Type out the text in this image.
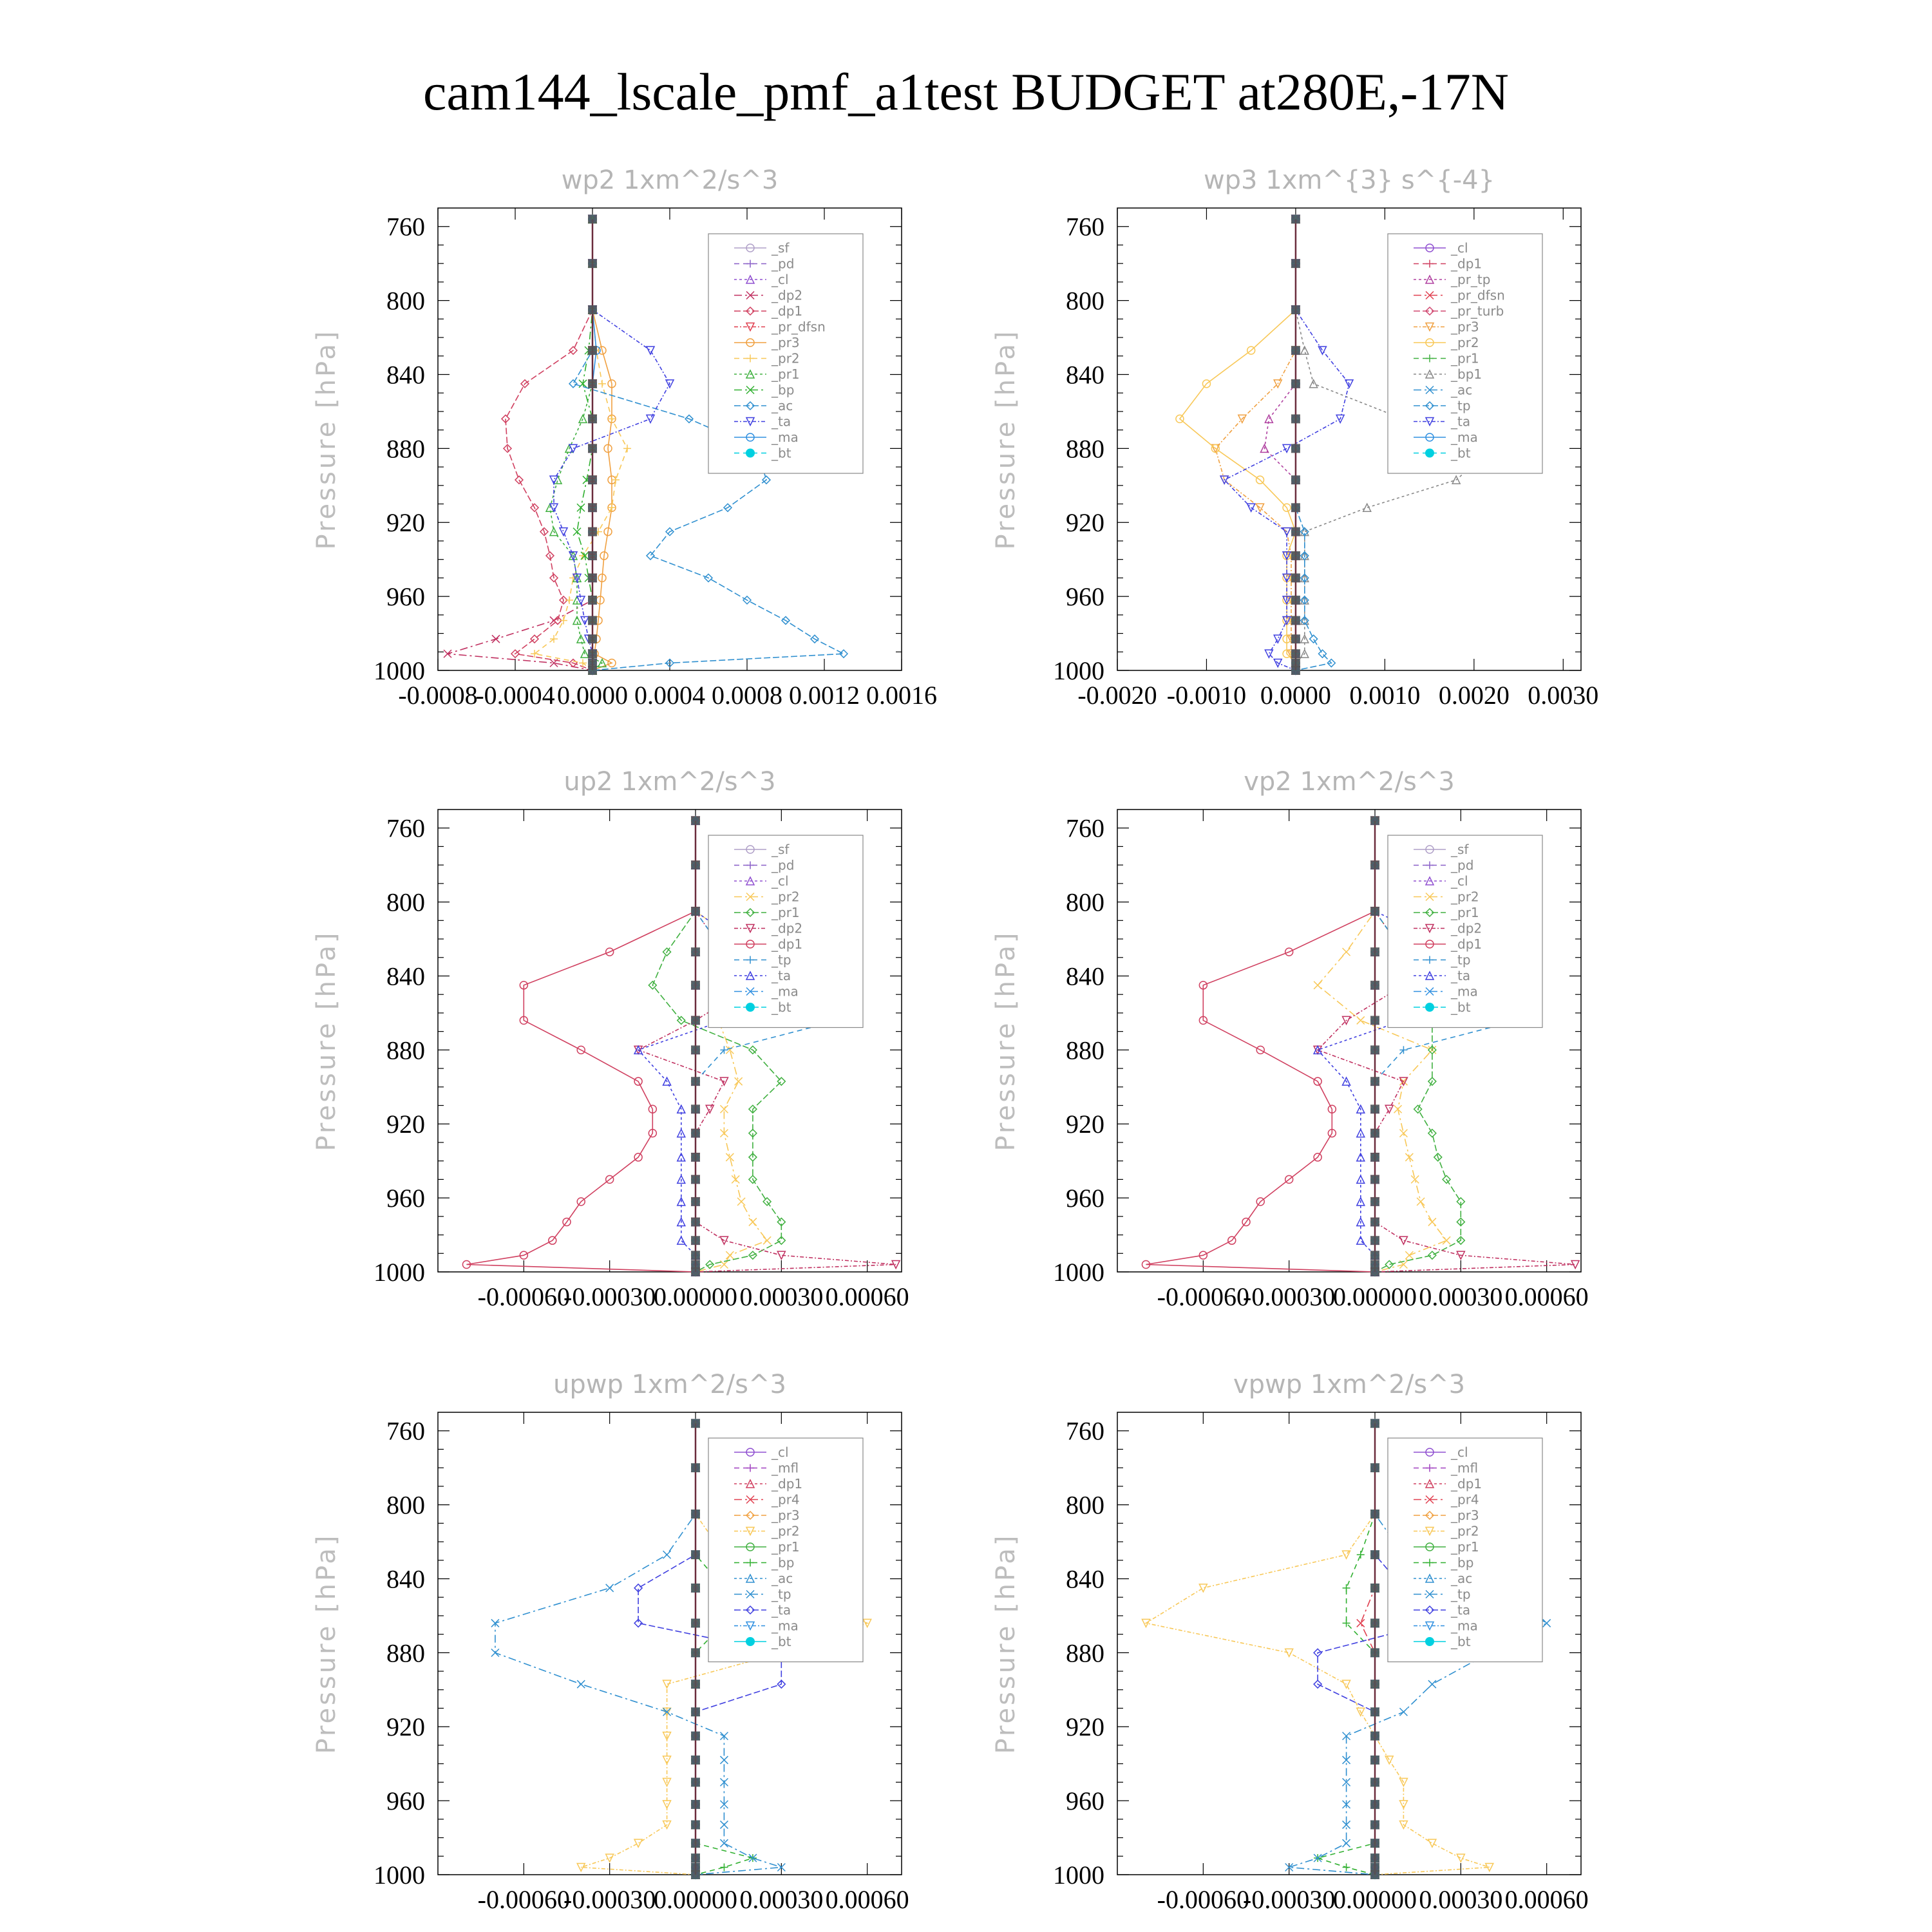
cam144_lscale_pmf_a1test BUDGET at280E,-17N
wp2 1xm^2/s^3
Pressure [hPa]
760
800
840
880
920
960
1000
-0.0008
-0.0004 0.0000 0.0004 0.0008 0.0012 0.0016
_sf
_pd
_cl
_dp2
_dp1
_pr_dfsn
_pr3
_pr2
_pr1
_bp
_ac
_ta
_ma
_bt
wp3 1xm^{3} s^{-4}
Pressure [hPa]
760
800
840
880
920
960
1000
-0.0020 -0.0010 0.0000 0.0010 0.0020 0.0030
_cl
_dp1
_pr_tp
_pr_dfsn
_pr_turb
_pr3
_pr2
_pr1
_bp1
_ac
_tp
_ta
_ma
_bt
up2 1xm^2/s^3
Pressure [hPa]
760
800
840
880
920
960
1000
-0.00060
-0.00030
0.00000 0.00030 0.00060
_sf
_pd
_cl
_pr2
_pr1
_dp2
_dp1
_tp
_ta
_ma
_bt
vp2 1xm^2/s^3
Pressure [hPa]
760
800
840
880
920
960
1000
-0.00060
-0.00030
0.00000 0.00030 0.00060
_sf
_pd
_cl
_pr2
_pr1
_dp2
_dp1
_tp
_ta
_ma
_bt
upwp 1xm^2/s^3
Pressure [hPa]
760
800
840
880
920
960
1000
-0.00060
-0.00030
0.00000 0.00030 0.00060
_cl
_mfl
_dp1
_pr4
_pr3
_pr2
_pr1
_bp
_ac
_tp
_ta
_ma
_bt
vpwp 1xm^2/s^3
Pressure [hPa]
760
800
840
880
920
960
1000
-0.00060
-0.00030
0.00000 0.00030 0.00060
_cl
_mfl
_dp1
_pr4
_pr3
_pr2
_pr1
_bp
_ac
_tp
_ta
_ma
_bt
